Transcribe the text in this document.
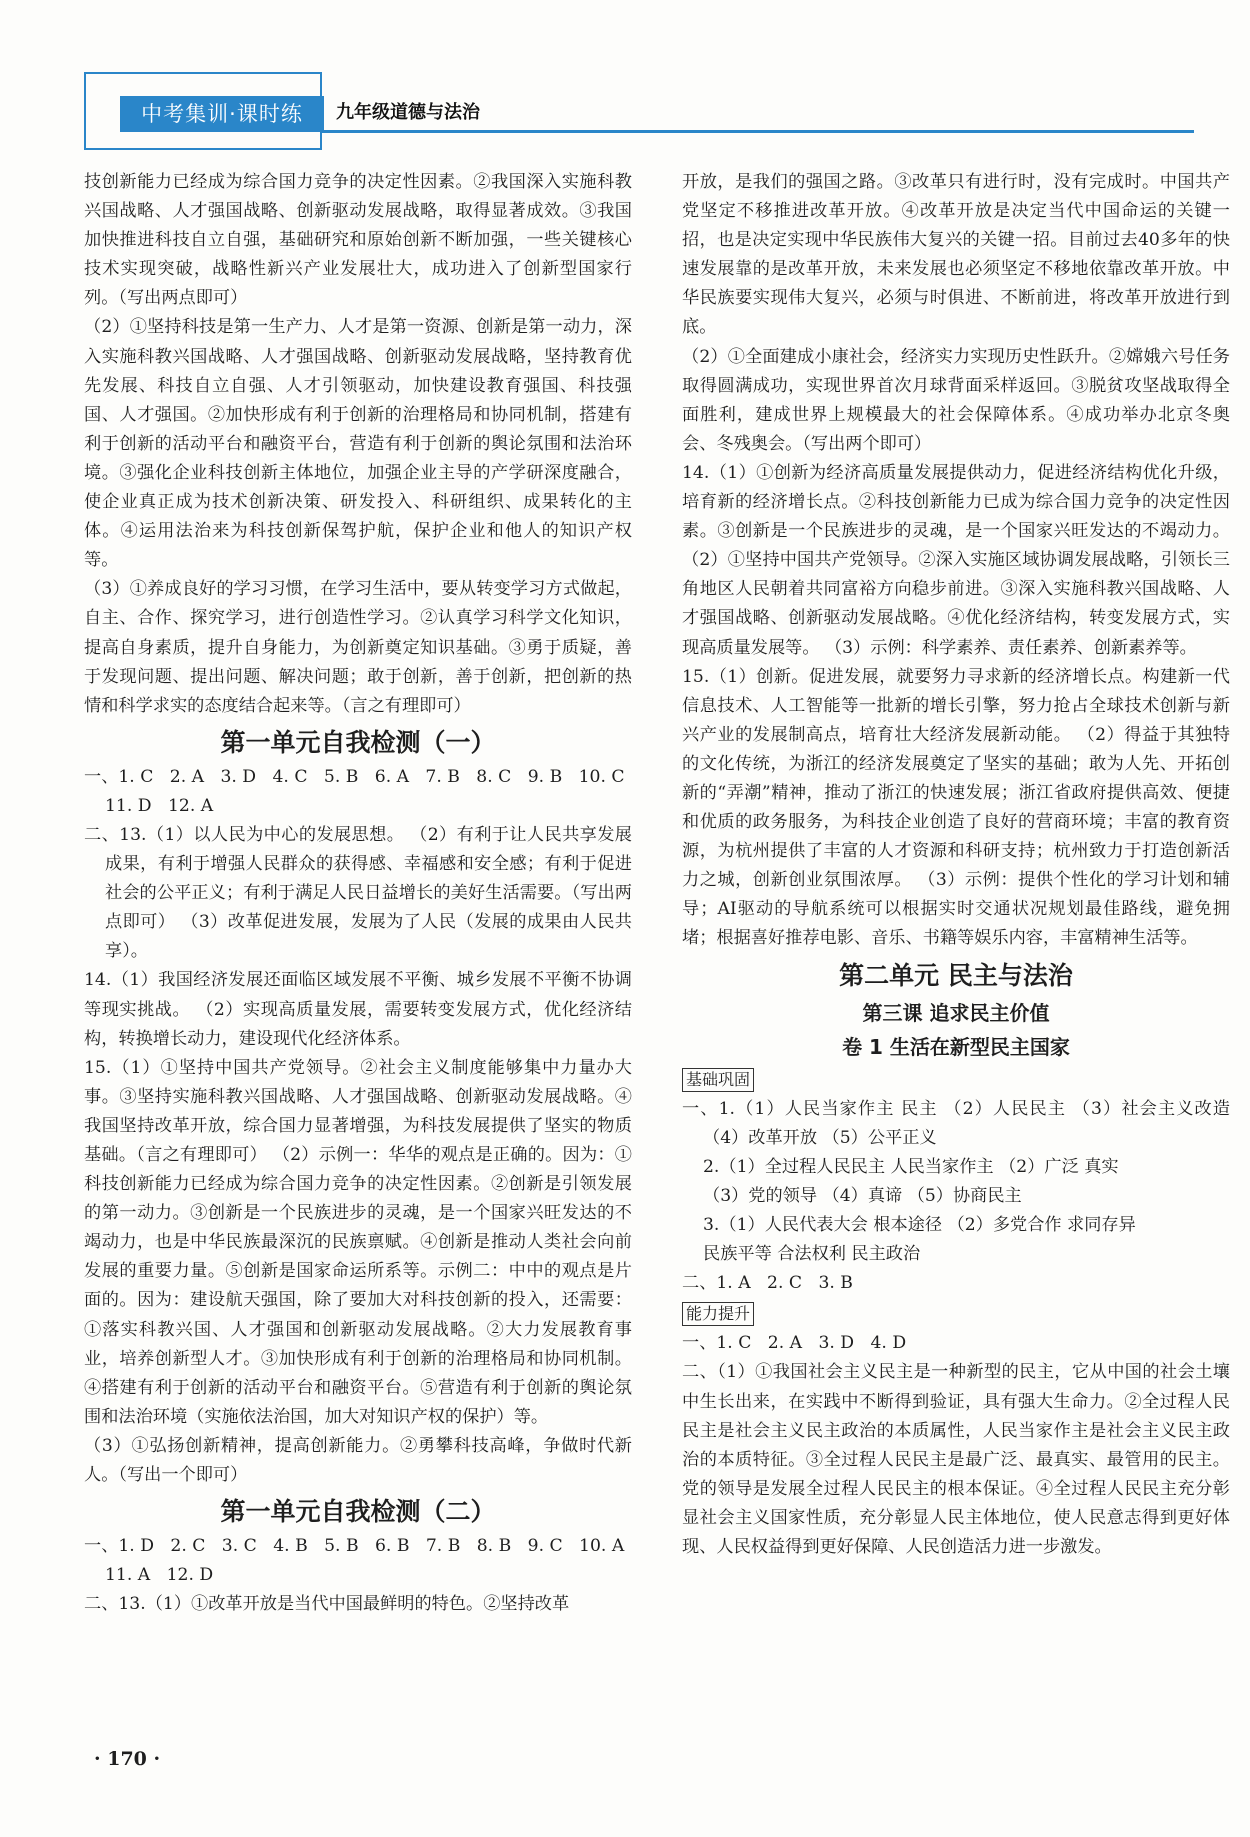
中考集训·课时练	九年级道德与法治

技创新能力已经成为综合国力竞争的决定性因素。②我国深入实施科教兴国战略、人才强国战略、创新驱动发展战略，取得显著成效。③我国加快推进科技自立自强，基础研究和原始创新不断加强，一些关键核心技术实现突破，战略性新兴产业发展壮大，成功进入了创新型国家行列。（写出两点即可）

（2）①坚持科技是第一生产力、人才是第一资源、创新是第一动力，深入实施科教兴国战略、人才强国战略、创新驱动发展战略，坚持教育优先发展、科技自立自强、人才引领驱动，加快建设教育强国、科技强国、人才强国。②加快形成有利于创新的治理格局和协同机制，搭建有利于创新的活动平台和融资平台，营造有利于创新的舆论氛围和法治环境。③强化企业科技创新主体地位，加强企业主导的产学研深度融合，使企业真正成为技术创新决策、研发投入、科研组织、成果转化的主体。④运用法治来为科技创新保驾护航，保护企业和他人的知识产权等。

（3）①养成良好的学习习惯，在学习生活中，要从转变学习方式做起，自主、合作、探究学习，进行创造性学习。②认真学习科学文化知识，提高自身素质，提升自身能力，为创新奠定知识基础。③勇于质疑，善于发现问题、提出问题、解决问题；敢于创新，善于创新，把创新的热情和科学求实的态度结合起来等。（言之有理即可）

第一单元自我检测（一）

一、1. C   2. A   3. D   4. C   5. B   6. A   7. B   8. C   9. B   10. C

11. D   12. A

二、13.（1）以人民为中心的发展思想。 （2）有利于让人民共享发展成果，有利于增强人民群众的获得感、幸福感和安全感；有利于促进社会的公平正义；有利于满足人民日益增长的美好生活需要。（写出两点即可） （3）改革促进发展，发展为了人民（发展的成果由人民共享）。

14.（1）我国经济发展还面临区域发展不平衡、城乡发展不平衡不协调等现实挑战。 （2）实现高质量发展，需要转变发展方式，优化经济结构，转换增长动力，建设现代化经济体系。

15.（1）①坚持中国共产党领导。②社会主义制度能够集中力量办大事。③坚持实施科教兴国战略、人才强国战略、创新驱动发展战略。④我国坚持改革开放，综合国力显著增强，为科技发展提供了坚实的物质基础。（言之有理即可） （2）示例一：华华的观点是正确的。因为：①科技创新能力已经成为综合国力竞争的决定性因素。②创新是引领发展的第一动力。③创新是一个民族进步的灵魂，是一个国家兴旺发达的不竭动力，也是中华民族最深沉的民族禀赋。④创新是推动人类社会向前发展的重要力量。⑤创新是国家命运所系等。示例二：中中的观点是片面的。因为：建设航天强国，除了要加大对科技创新的投入，还需要：①落实科教兴国、人才强国和创新驱动发展战略。②大力发展教育事业，培养创新型人才。③加快形成有利于创新的治理格局和协同机制。④搭建有利于创新的活动平台和融资平台。⑤营造有利于创新的舆论氛围和法治环境（实施依法治国，加大对知识产权的保护）等。

（3）①弘扬创新精神，提高创新能力。②勇攀科技高峰，争做时代新人。（写出一个即可）

第一单元自我检测（二）

一、1. D   2. C   3. C   4. B   5. B   6. B   7. B   8. B   9. C   10. A

11. A   12. D

二、13.（1）①改革开放是当代中国最鲜明的特色。②坚持改革

开放，是我们的强国之路。③改革只有进行时，没有完成时。中国共产党坚定不移推进改革开放。④改革开放是决定当代中国命运的关键一招，也是决定实现中华民族伟大复兴的关键一招。目前过去40多年的快速发展靠的是改革开放，未来发展也必须坚定不移地依靠改革开放。中华民族要实现伟大复兴，必须与时俱进、不断前进，将改革开放进行到底。

（2）①全面建成小康社会，经济实力实现历史性跃升。②嫦娥六号任务取得圆满成功，实现世界首次月球背面采样返回。③脱贫攻坚战取得全面胜利，建成世界上规模最大的社会保障体系。④成功举办北京冬奥会、冬残奥会。（写出两个即可）

14.（1）①创新为经济高质量发展提供动力，促进经济结构优化升级，培育新的经济增长点。②科技创新能力已成为综合国力竞争的决定性因素。③创新是一个民族进步的灵魂，是一个国家兴旺发达的不竭动力。 （2）①坚持中国共产党领导。②深入实施区域协调发展战略，引领长三角地区人民朝着共同富裕方向稳步前进。③深入实施科教兴国战略、人才强国战略、创新驱动发展战略。④优化经济结构，转变发展方式，实现高质量发展等。 （3）示例：科学素养、责任素养、创新素养等。

15.（1）创新。促进发展，就要努力寻求新的经济增长点。构建新一代信息技术、人工智能等一批新的增长引擎，努力抢占全球技术创新与新兴产业的发展制高点，培育壮大经济发展新动能。 （2）得益于其独特的文化传统，为浙江的经济发展奠定了坚实的基础；敢为人先、开拓创新的“弄潮”精神，推动了浙江的快速发展；浙江省政府提供高效、便捷和优质的政务服务，为科技企业创造了良好的营商环境；丰富的教育资源，为杭州提供了丰富的人才资源和科研支持；杭州致力于打造创新活力之城，创新创业氛围浓厚。 （3）示例：提供个性化的学习计划和辅导；AI驱动的导航系统可以根据实时交通状况规划最佳路线，避免拥堵；根据喜好推荐电影、音乐、书籍等娱乐内容，丰富精神生活等。

第二单元 民主与法治
第三课 追求民主价值
卷 1 生活在新型民主国家
基础巩固

一、1.（1）人民当家作主 民主 （2）人民民主 （3）社会主义改造 （4）改革开放 （5）公平正义

2.（1）全过程人民民主 人民当家作主 （2）广泛 真实

（3）党的领导 （4）真谛 （5）协商民主

3.（1）人民代表大会 根本途径 （2）多党合作 求同存异

民族平等 合法权利 民主政治

二、1. A   2. C   3. B

能力提升

一、1. C   2. A   3. D   4. D

二、（1）①我国社会主义民主是一种新型的民主，它从中国的社会土壤中生长出来，在实践中不断得到验证，具有强大生命力。②全过程人民民主是社会主义民主政治的本质属性，人民当家作主是社会主义民主政治的本质特征。③全过程人民民主是最广泛、最真实、最管用的民主。党的领导是发展全过程人民民主的根本保证。④全过程人民民主充分彰显社会主义国家性质，充分彰显人民主体地位，使人民意志得到更好体现、人民权益得到更好保障、人民创造活力进一步激发。

· 170 ·
